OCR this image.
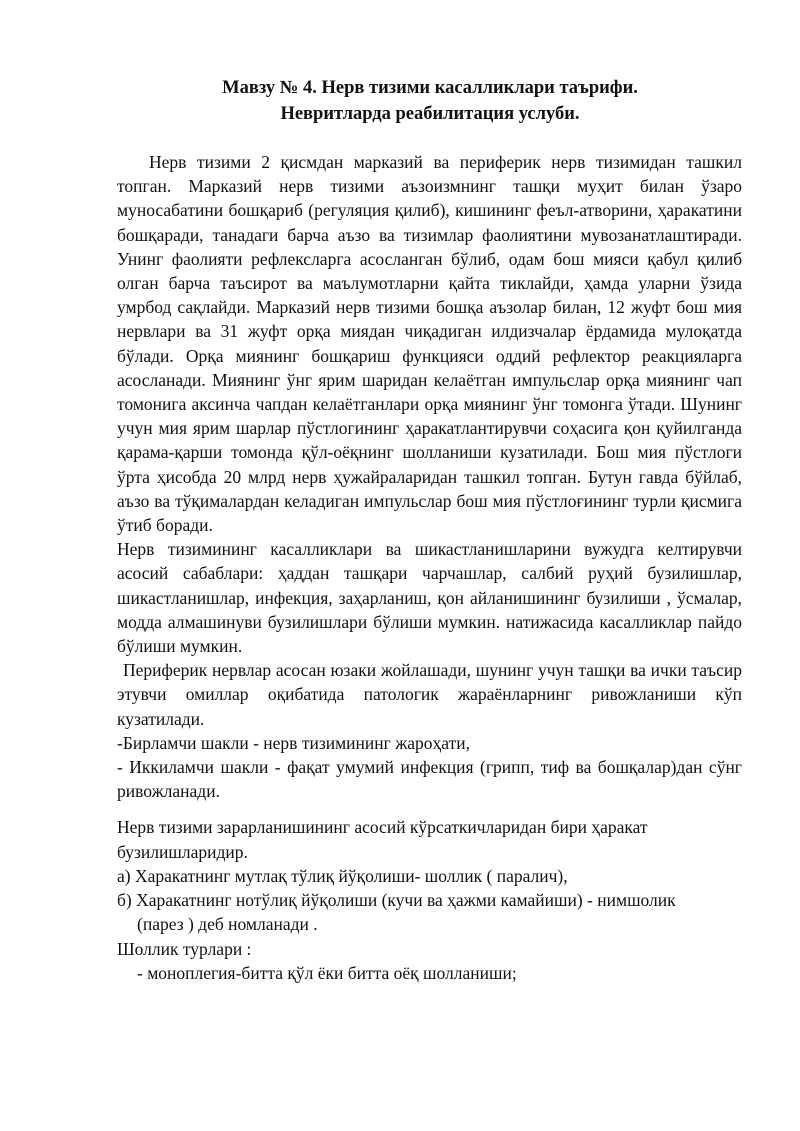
Мавзу № 4. Нерв тизими касалликлари таърифи.
Невритларда реабилитация услуби.

Нерв тизими 2 қисмдан марказий ва периферик нерв тизимидан ташкил топган. Марказий нерв тизими аъзоизмнинг ташқи муҳит билан ўзаро муносабатини бошқариб (регуляция қилиб), кишининг феъл-атворини, ҳаракатини бошқаради, танадаги барча аъзо ва тизимлар фаолиятини мувозанатлаштиради. Унинг фаолияти рефлексларга асосланган бўлиб, одам бош мияси қабул қилиб олган барча таъсирот ва маълумотларни қайта тиклайди, ҳамда уларни ўзида умрбод сақлайди. Марказий нерв тизими бошқа аъзолар билан, 12 жуфт бош мия нервлари ва 31 жуфт орқа миядан чиқадиган илдизчалар ёрдамида мулоқатда бўлади. Орқа миянинг бошқариш функцияси оддий рефлектор реакцияларга асосланади. Миянинг ўнг ярим шаридан келаётган импульслар орқа миянинг чап томонига аксинча чапдан келаётганлари орқа миянинг ўнг томонга ўтади. Шунинг учун мия ярим шарлар пўстлогининг ҳаракатлантирувчи соҳасига қон қуйилганда қарама-қарши томонда қўл-оёқнинг шолланиши кузатилади. Бош мия пўстлоги ўрта ҳисобда 20 млрд нерв ҳужайраларидан ташкил топган. Бутун гавда бўйлаб, аъзо ва тўқималардан келадиган импульслар бош мия пўстлоғининг турли қисмига ўтиб боради.

Нерв тизимининг касалликлари ва шикастланишларини вужудга келтирувчи асосий сабаблари: ҳаддан ташқари чарчашлар, салбий руҳий бузилишлар, шикастланишлар, инфекция, заҳарланиш, қон айланишининг бузилиши , ўсмалар, модда алмашинуви бузилишлари бўлиши мумкин. натижасида касалликлар пайдо бўлиши мумкин.

Периферик нервлар асосан юзаки жойлашади, шунинг учун ташқи ва ички таъсир этувчи омиллар оқибатида патологик жараёнларнинг ривожланиши кўп кузатилади.

-Бирламчи шакли - нерв тизимининг жароҳати,

- Иккиламчи шакли - фақат умумий инфекция (грипп, тиф ва бошқалар)дан сўнг ривожланади.

Нерв тизими зарарланишининг асосий кўрсаткичларидан бири ҳаракат бузилишларидир.

а) Харакатнинг мутлақ тўлиқ йўқолиши- шоллик ( паралич),

б) Харакатнинг нотўлиқ йўқолиши (кучи ва ҳажми камайиши) - нимшолик

(парез ) деб номланади .

Шоллик турлари :

- моноплегия-битта қўл ёки битта оёқ шолланиши;
